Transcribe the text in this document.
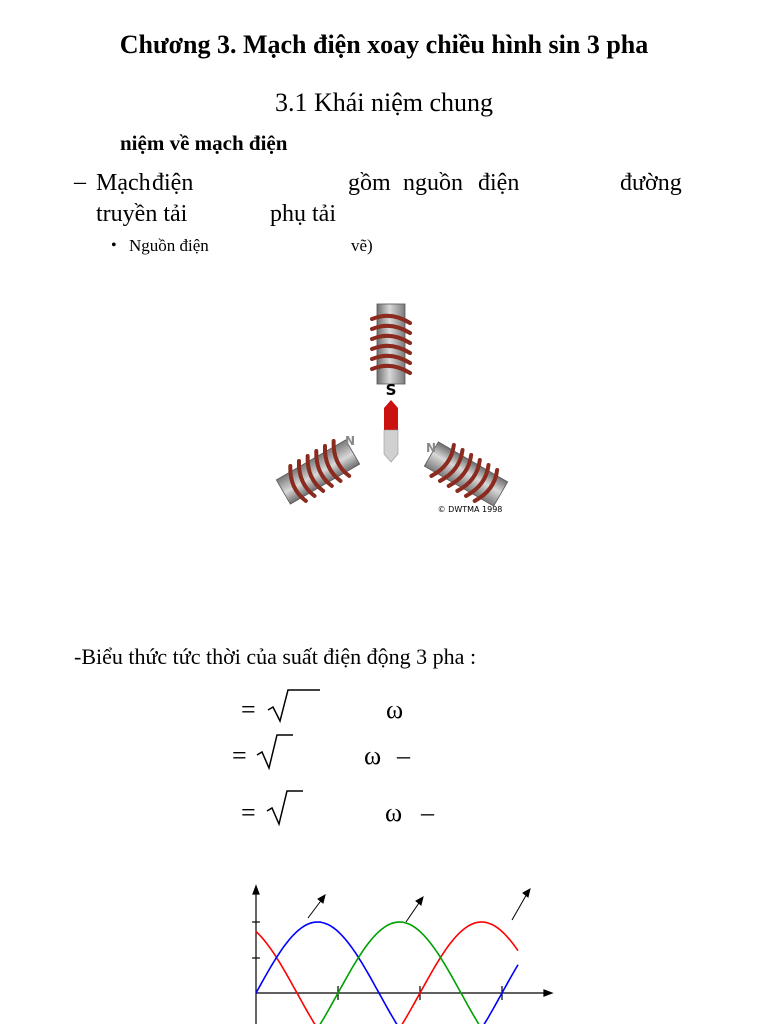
Chương 3. Mạch điện xoay chiều hình sin 3 pha
3.1 Khái niệm chung
niệm về mạch điện
– Mạch điện	gồm nguồn điện	đường
truyền tải	phụ tải
• Nguồn điện	vẽ)
S
N	N
© DWTMA 1998
-Biểu thức tức thời của suất điện động 3 pha :
=	ω
=	ω –
=	ω –
